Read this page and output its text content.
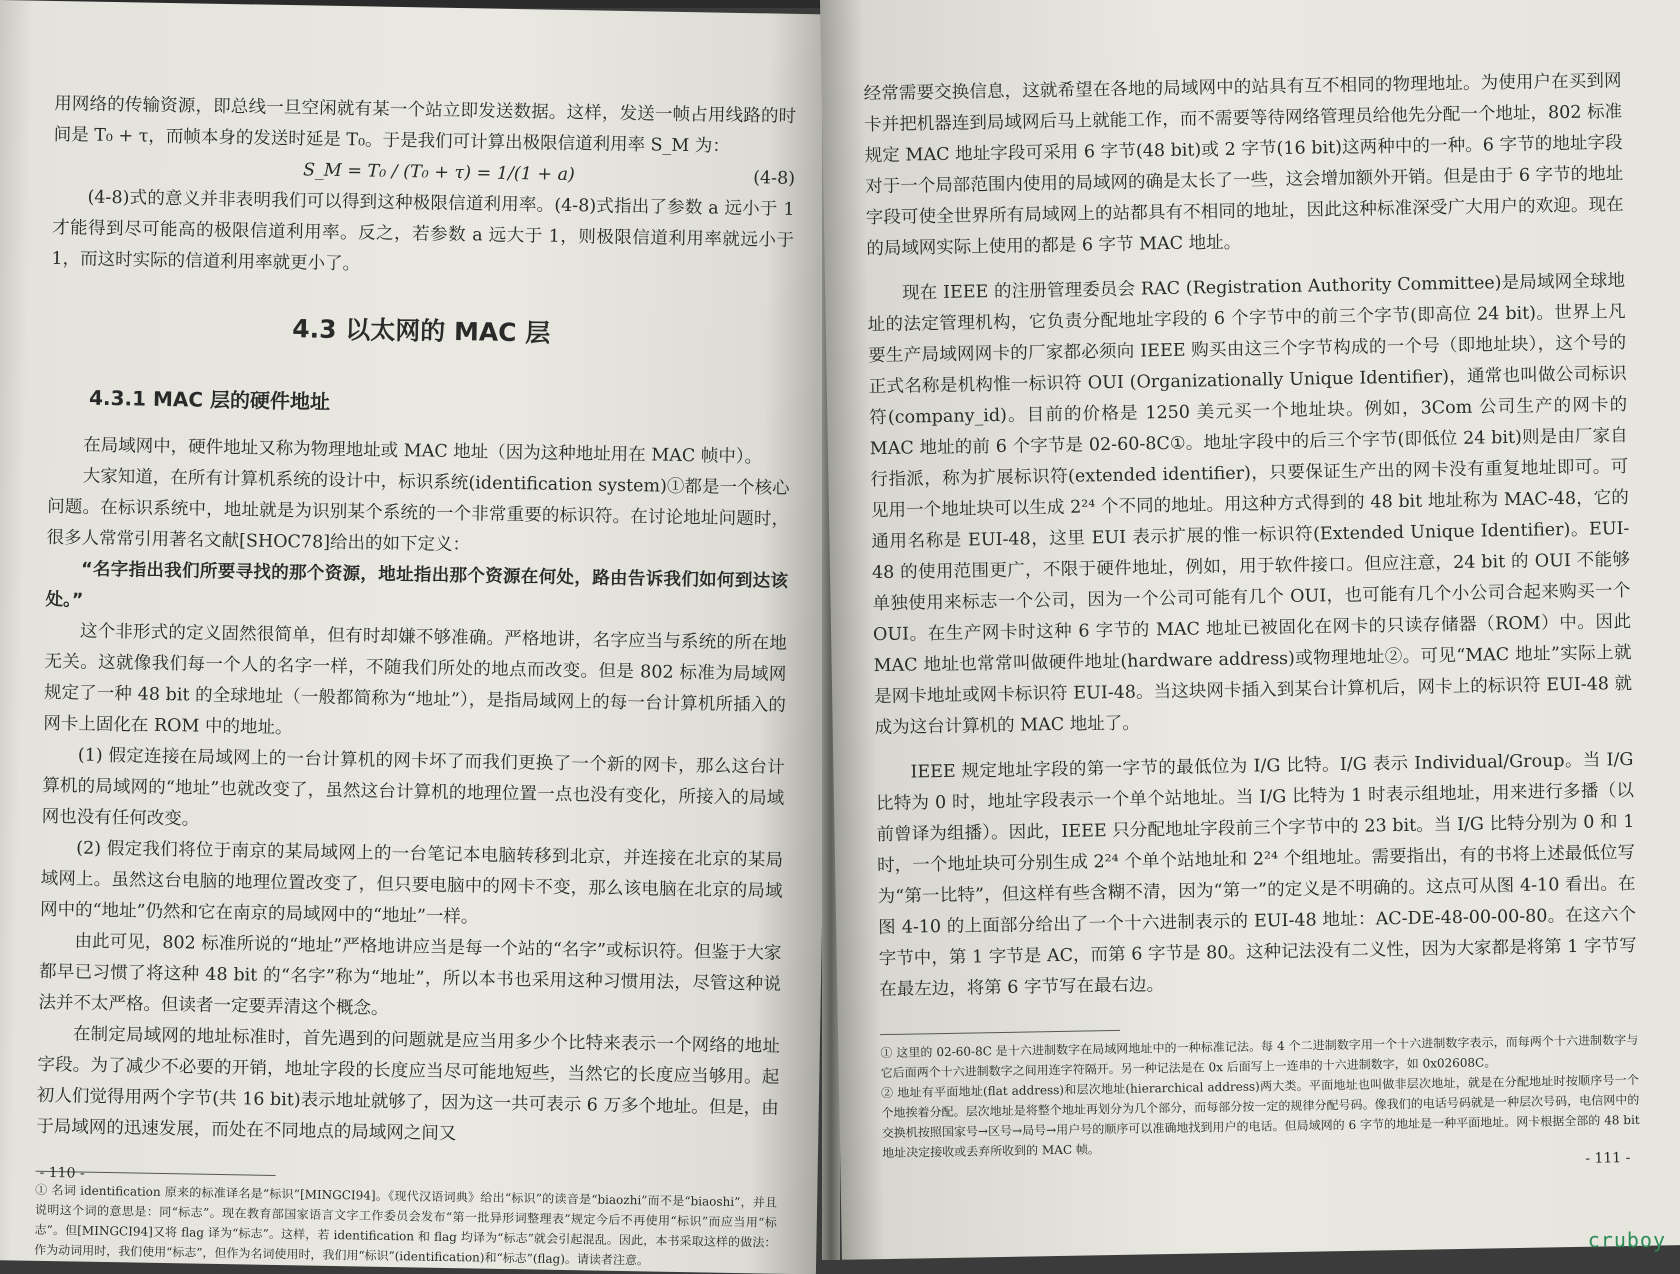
用网络的传输资源，即总线一旦空闲就有某一个站立即发送数据。这样，发送一帧占用线路的时间是 T₀ + τ，而帧本身的发送时延是 T₀。于是我们可计算出极限信道利用率 S_M 为：

S_M = T₀ / (T₀ + τ) = 1/(1 + a)	(4-8)

(4-8)式的意义并非表明我们可以得到这种极限信道利用率。(4-8)式指出了参数 a 远小于 1 才能得到尽可能高的极限信道利用率。反之，若参数 a 远大于 1，则极限信道利用率就远小于 1，而这时实际的信道利用率就更小了。

4.3 以太网的 MAC 层
4.3.1 MAC 层的硬件地址

在局域网中，硬件地址又称为物理地址或 MAC 地址（因为这种地址用在 MAC 帧中）。

大家知道，在所有计算机系统的设计中，标识系统(identification system)①都是一个核心问题。在标识系统中，地址就是为识别某个系统的一个非常重要的标识符。在讨论地址问题时，很多人常常引用著名文献[SHOC78]给出的如下定义：

“名字指出我们所要寻找的那个资源，地址指出那个资源在何处，路由告诉我们如何到达该处。”

这个非形式的定义固然很简单，但有时却嫌不够准确。严格地讲，名字应当与系统的所在地无关。这就像我们每一个人的名字一样，不随我们所处的地点而改变。但是 802 标准为局域网规定了一种 48 bit 的全球地址（一般都简称为“地址”），是指局域网上的每一台计算机所插入的网卡上固化在 ROM 中的地址。

(1) 假定连接在局域网上的一台计算机的网卡坏了而我们更换了一个新的网卡，那么这台计算机的局域网的“地址”也就改变了，虽然这台计算机的地理位置一点也没有变化，所接入的局域网也没有任何改变。

(2) 假定我们将位于南京的某局域网上的一台笔记本电脑转移到北京，并连接在北京的某局域网上。虽然这台电脑的地理位置改变了，但只要电脑中的网卡不变，那么该电脑在北京的局域网中的“地址”仍然和它在南京的局域网中的“地址”一样。

由此可见，802 标准所说的“地址”严格地讲应当是每一个站的“名字”或标识符。但鉴于大家都早已习惯了将这种 48 bit 的“名字”称为“地址”，所以本书也采用这种习惯用法，尽管这种说法并不太严格。但读者一定要弄清这个概念。

在制定局域网的地址标准时，首先遇到的问题就是应当用多少个比特来表示一个网络的地址字段。为了减少不必要的开销，地址字段的长度应当尽可能地短些，当然它的长度应当够用。起初人们觉得用两个字节(共 16 bit)表示地址就够了，因为这一共可表示 6 万多个地址。但是，由于局域网的迅速发展，而处在不同地点的局域网之间又

① 名词 identification 原来的标准译名是“标识”[MINGCI94]。《现代汉语词典》给出“标识”的读音是“biaozhi”而不是“biaoshi”，并且说明这个词的意思是：同“标志”。现在教育部国家语言文字工作委员会发布“第一批异形词整理表”规定今后不再使用“标识”而应当用“标志”。但[MINGCI94]又将 flag 译为“标志”。这样，若 identification 和 flag 均译为“标志”就会引起混乱。因此，本书采取这样的做法：作为动词用时，我们使用“标志”，但作为名词使用时，我们用“标识”(identification)和“标志”(flag)。请读者注意。

- 110 -

经常需要交换信息，这就希望在各地的局域网中的站具有互不相同的物理地址。为使用户在买到网卡并把机器连到局域网后马上就能工作，而不需要等待网络管理员给他先分配一个地址，802 标准规定 MAC 地址字段可采用 6 字节(48 bit)或 2 字节(16 bit)这两种中的一种。6 字节的地址字段对于一个局部范围内使用的局域网的确是太长了一些，这会增加额外开销。但是由于 6 字节的地址字段可使全世界所有局域网上的站都具有不相同的地址，因此这种标准深受广大用户的欢迎。现在的局域网实际上使用的都是 6 字节 MAC 地址。

现在 IEEE 的注册管理委员会 RAC (Registration Authority Committee)是局域网全球地址的法定管理机构，它负责分配地址字段的 6 个字节中的前三个字节(即高位 24 bit)。世界上凡要生产局域网网卡的厂家都必须向 IEEE 购买由这三个字节构成的一个号（即地址块），这个号的正式名称是机构惟一标识符 OUI (Organizationally Unique Identifier)，通常也叫做公司标识符(company_id)。目前的价格是 1250 美元买一个地址块。例如，3Com 公司生产的网卡的 MAC 地址的前 6 个字节是 02-60-8C①。地址字段中的后三个字节(即低位 24 bit)则是由厂家自行指派，称为扩展标识符(extended identifier)，只要保证生产出的网卡没有重复地址即可。可见用一个地址块可以生成 2²⁴ 个不同的地址。用这种方式得到的 48 bit 地址称为 MAC-48，它的通用名称是 EUI-48，这里 EUI 表示扩展的惟一标识符(Extended Unique Identifier)。EUI-48 的使用范围更广，不限于硬件地址，例如，用于软件接口。但应注意，24 bit 的 OUI 不能够单独使用来标志一个公司，因为一个公司可能有几个 OUI，也可能有几个小公司合起来购买一个 OUI。在生产网卡时这种 6 字节的 MAC 地址已被固化在网卡的只读存储器（ROM）中。因此 MAC 地址也常常叫做硬件地址(hardware address)或物理地址②。可见“MAC 地址”实际上就是网卡地址或网卡标识符 EUI-48。当这块网卡插入到某台计算机后，网卡上的标识符 EUI-48 就成为这台计算机的 MAC 地址了。

IEEE 规定地址字段的第一字节的最低位为 I/G 比特。I/G 表示 Individual/Group。当 I/G 比特为 0 时，地址字段表示一个单个站地址。当 I/G 比特为 1 时表示组地址，用来进行多播（以前曾译为组播）。因此，IEEE 只分配地址字段前三个字节中的 23 bit。当 I/G 比特分别为 0 和 1 时，一个地址块可分别生成 2²⁴ 个单个站地址和 2²⁴ 个组地址。需要指出，有的书将上述最低位写为“第一比特”，但这样有些含糊不清，因为“第一”的定义是不明确的。这点可从图 4-10 看出。在图 4-10 的上面部分给出了一个十六进制表示的 EUI-48 地址：AC-DE-48-00-00-80。在这六个字节中，第 1 字节是 AC，而第 6 字节是 80。这种记法没有二义性，因为大家都是将第 1 字节写在最左边，将第 6 字节写在最右边。

① 这里的 02-60-8C 是十六进制数字在局域网地址中的一种标准记法。每 4 个二进制数字用一个十六进制数字表示，而每两个十六进制数字与它后面两个十六进制数字之间用连字符隔开。另一种记法是在 0x 后面写上一连串的十六进制数字，如 0x02608C。

② 地址有平面地址(flat address)和层次地址(hierarchical address)两大类。平面地址也叫做非层次地址，就是在分配地址时按顺序号一个个地挨着分配。层次地址是将整个地址再划分为几个部分，而每部分按一定的规律分配号码。像我们的电话号码就是一种层次号码，电信网中的交换机按照国家号→区号→局号→用户号的顺序可以准确地找到用户的电话。但局域网的 6 字节的地址是一种平面地址。网卡根据全部的 48 bit 地址决定接收或丢弃所收到的 MAC 帧。	- 111 -
cruboy
